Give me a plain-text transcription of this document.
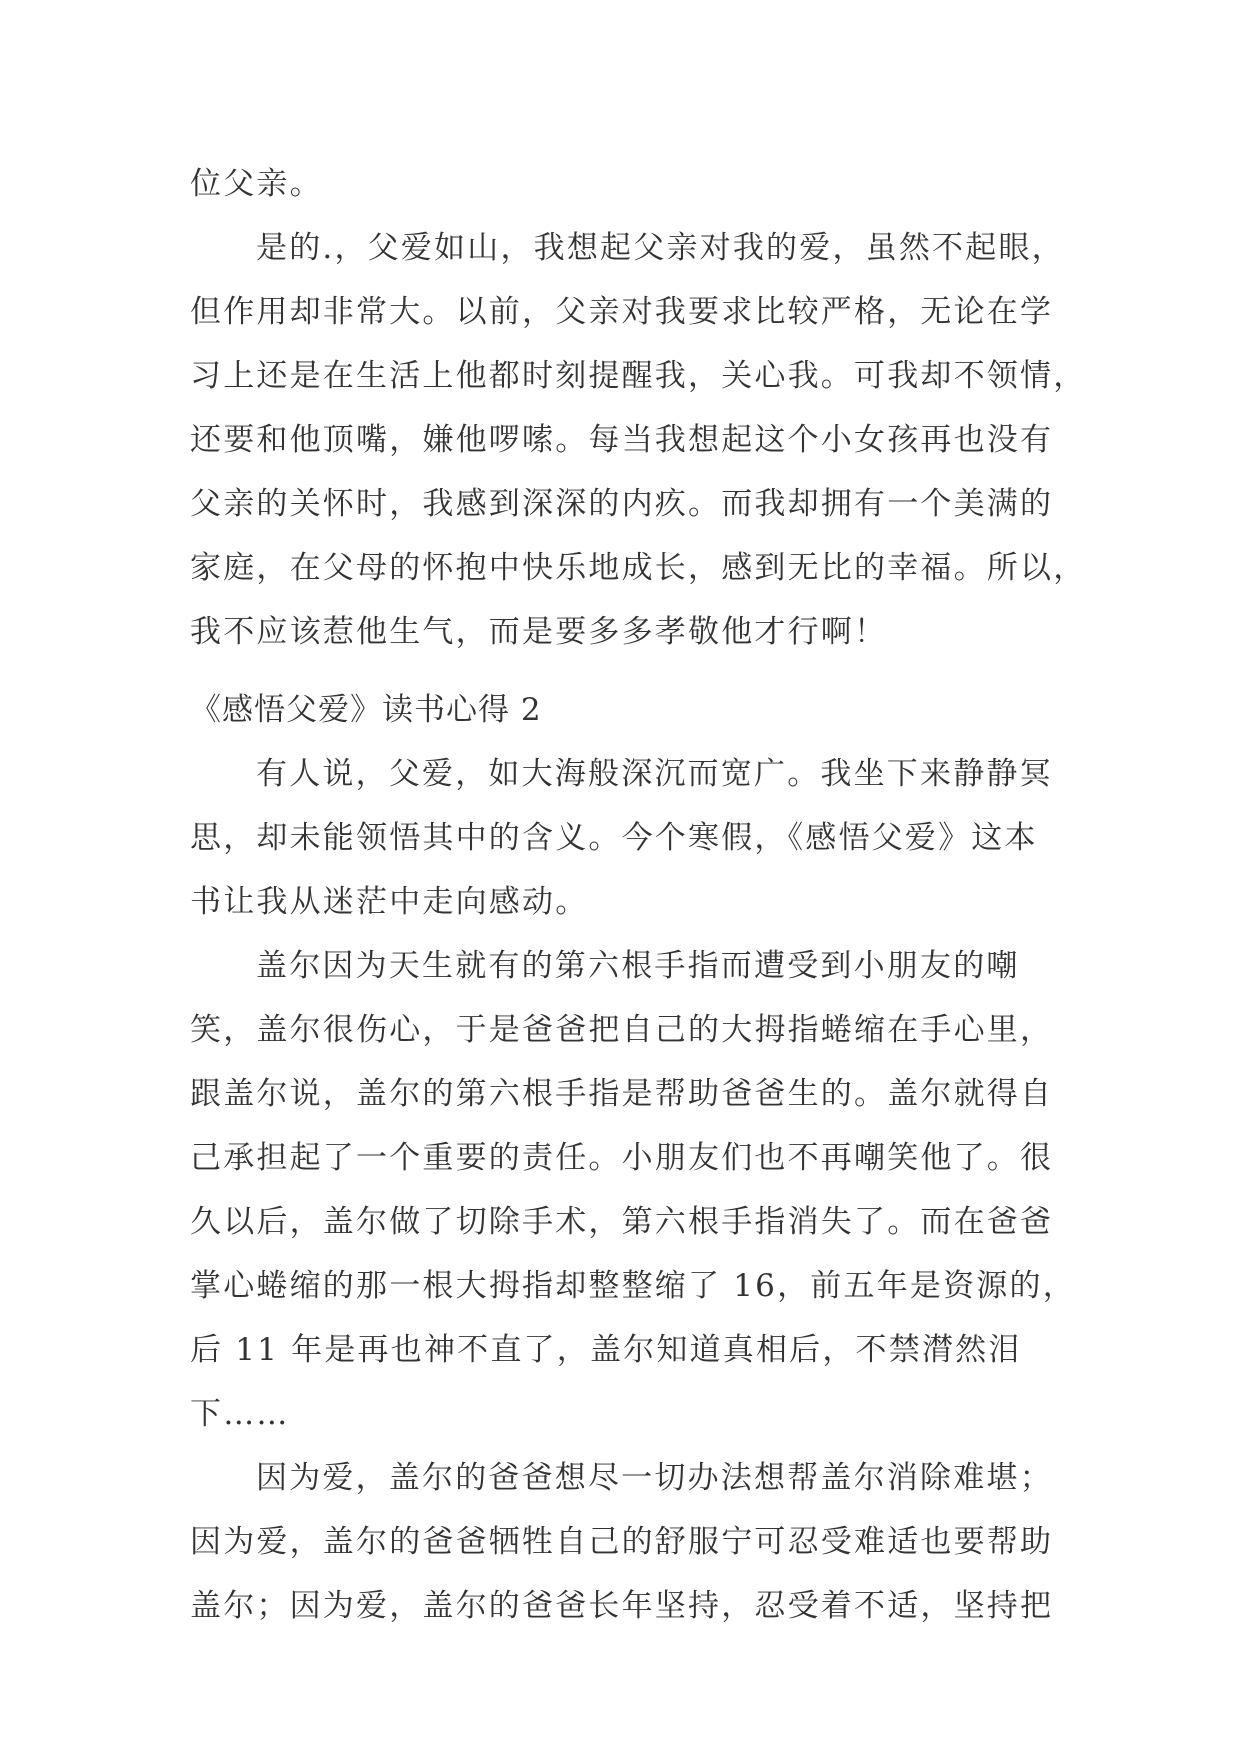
位父亲。
是的.，父爱如山，我想起父亲对我的爱，虽然不起眼，
但作用却非常大。以前，父亲对我要求比较严格，无论在学
习上还是在生活上他都时刻提醒我，关心我。可我却不领情，
还要和他顶嘴，嫌他啰嗦。每当我想起这个小女孩再也没有
父亲的关怀时，我感到深深的内疚。而我却拥有一个美满的
家庭，在父母的怀抱中快乐地成长，感到无比的幸福。所以，
我不应该惹他生气，而是要多多孝敬他才行啊！
《感悟父爱》读书心得 2
有人说，父爱，如大海般深沉而宽广。我坐下来静静冥
思，却未能领悟其中的含义。今个寒假，《感悟父爱》这本
书让我从迷茫中走向感动。
盖尔因为天生就有的第六根手指而遭受到小朋友的嘲
笑，盖尔很伤心，于是爸爸把自己的大拇指蜷缩在手心里，
跟盖尔说，盖尔的第六根手指是帮助爸爸生的。盖尔就得自
己承担起了一个重要的责任。小朋友们也不再嘲笑他了。很
久以后，盖尔做了切除手术，第六根手指消失了。而在爸爸
掌心蜷缩的那一根大拇指却整整缩了 16，前五年是资源的，
后 11 年是再也神不直了，盖尔知道真相后，不禁潸然泪
下……
因为爱，盖尔的爸爸想尽一切办法想帮盖尔消除难堪；
因为爱，盖尔的爸爸牺牲自己的舒服宁可忍受难适也要帮助
盖尔；因为爱，盖尔的爸爸长年坚持，忍受着不适，坚持把
